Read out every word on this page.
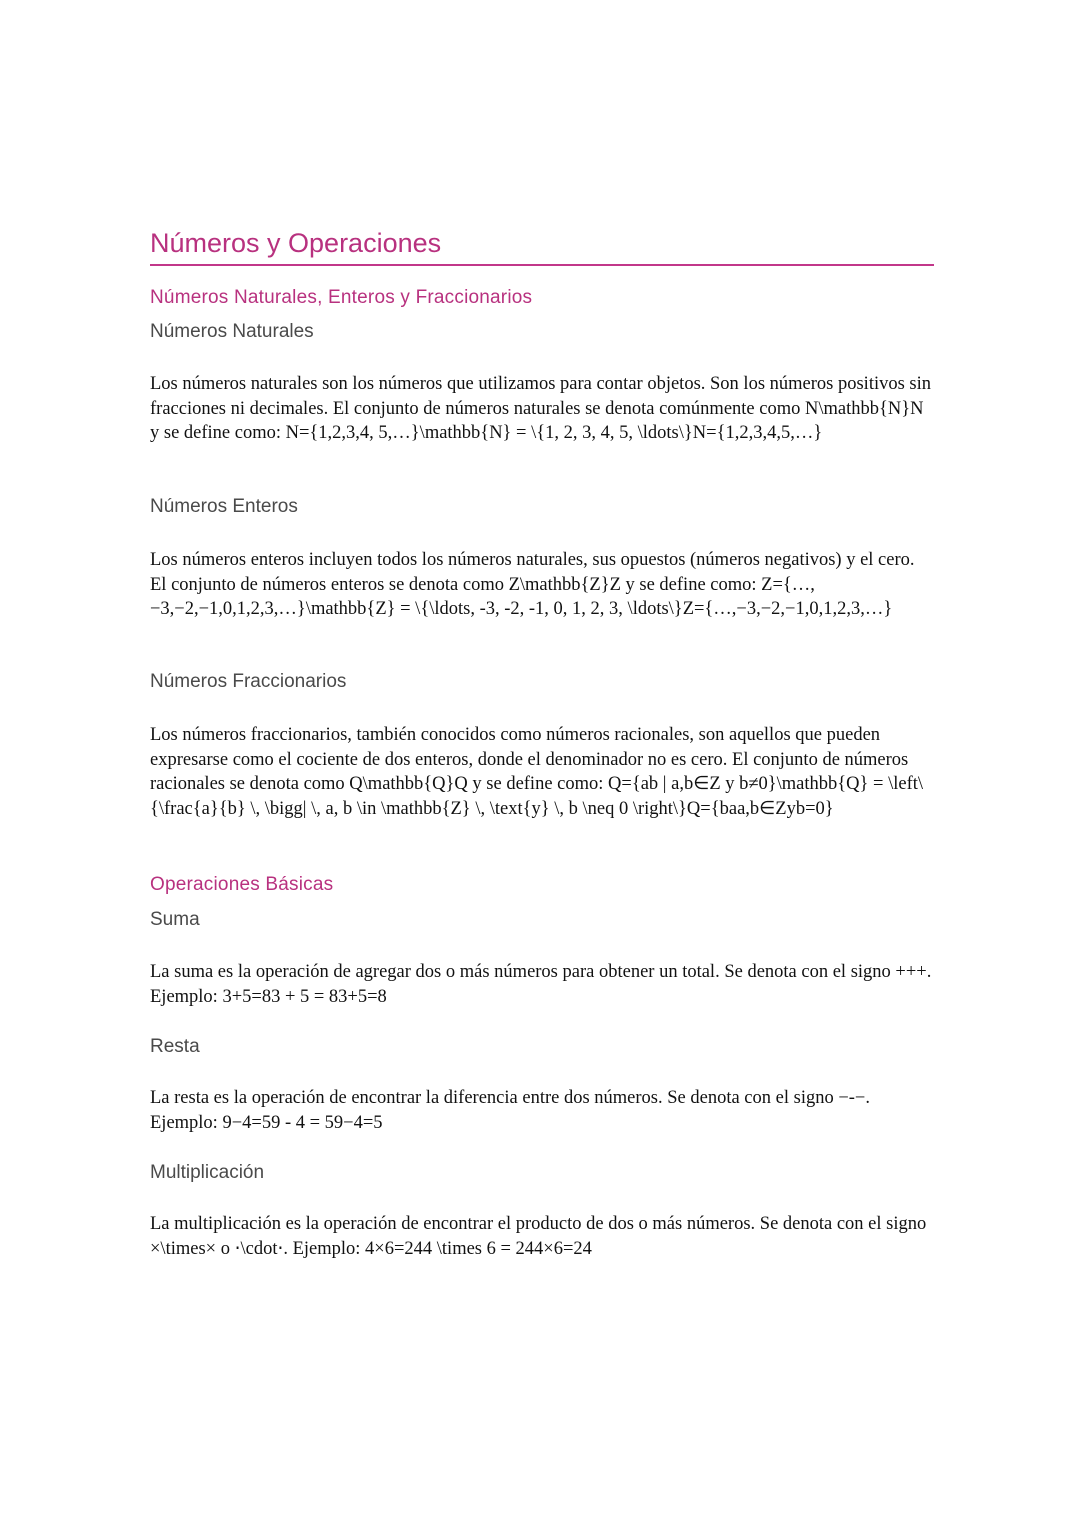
Números y Operaciones
Números Naturales, Enteros y Fraccionarios
Números Naturales

Los números naturales son los números que utilizamos para contar objetos. Son los números positivos sin fracciones ni decimales. El conjunto de números naturales se denota comúnmente como N\mathbb{N}N y se define como: N={1,2,3,4, 5,…}\mathbb{N} = \{1, 2, 3, 4, 5, \ldots\}N={1,2,3,4,5,…}

Números Enteros

Los números enteros incluyen todos los números naturales, sus opuestos (números negativos) y el cero. El conjunto de números enteros se denota como Z\mathbb{Z}Z y se define como: Z={…,−3,−2,−1,0,1,2,3,…}\mathbb{Z} = \{\ldots, -3, -2, -1, 0, 1, 2, 3, \ldots\}Z={…,−3,−2,−1,0,1,2,3,…}

Números Fraccionarios

Los números fraccionarios, también conocidos como números racionales, son aquellos que pueden expresarse como el cociente de dos enteros, donde el denominador no es cero. El conjunto de números racionales se denota como Q\mathbb{Q}Q y se define como: Q={ab | a,b∈Z y b≠0}\mathbb{Q} = \left\{\frac{a}{b} \, \bigg| \, a, b \in \mathbb{Z} \, \text{y} \, b \neq 0 \right\}Q={baa,b∈Zyb=0}

Operaciones Básicas
Suma

La suma es la operación de agregar dos o más números para obtener un total. Se denota con el signo +++. Ejemplo: 3+5=83 + 5 = 83+5=8

Resta

La resta es la operación de encontrar la diferencia entre dos números. Se denota con el signo −-−. Ejemplo: 9−4=59 - 4 = 59−4=5

Multiplicación

La multiplicación es la operación de encontrar el producto de dos o más números. Se denota con el signo ×\times× o ⋅\cdot⋅. Ejemplo: 4×6=244 \times 6 = 244×6=24
